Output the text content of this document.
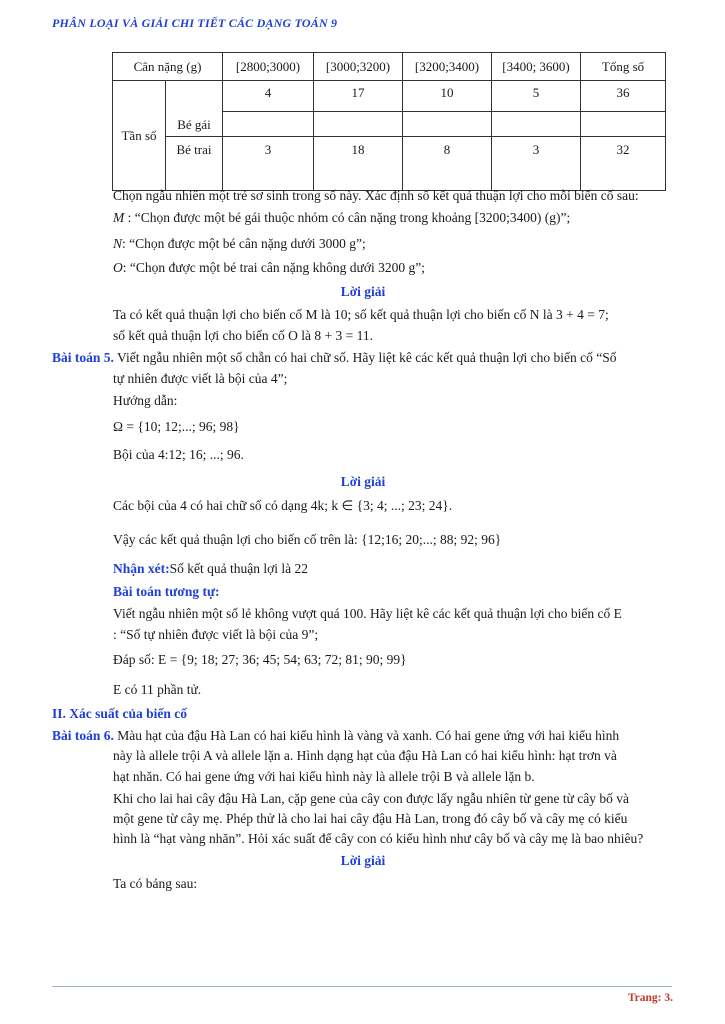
PHÂN LOẠI VÀ GIẢI CHI TIẾT CÁC DẠNG TOÁN 9
Cân nặng (g)		[2800;3000)	[3000;3200)	[3200;3400)	[3400; 3600)	Tổng số
Tần số	Bé gái	4	17	10	5	36

	Bé trai	3	18	8	3	32
Chọn ngẫu nhiên một trẻ sơ sinh trong số này. Xác định số kết quả thuận lợi cho mỗi biến cố sau:
M : “Chọn được một bé gái thuộc nhóm có cân nặng trong khoảng [3200;3400) (g)”;
N: “Chọn được một bé cân nặng dưới 3000 g”;
O: “Chọn được một bé trai cân nặng không dưới 3200 g”;
Lời giải
Ta có kết quả thuận lợi cho biến cố M là 10; số kết quả thuận lợi cho biến cố N là 3 + 4 = 7;
số kết quả thuận lợi cho biến cố O là 8 + 3 = 11.
Bài toán 5. Viết ngẫu nhiên một số chẵn có hai chữ số. Hãy liệt kê các kết quả thuận lợi cho biến cố “Số
tự nhiên được viết là bội của 4”;
Hướng dẫn:
Ω = {10; 12;...; 96; 98}
Bội của 4:12; 16; ...; 96.
Lời giải
Các bội của 4 có hai chữ số có dạng 4k; k ∈ {3; 4; ...; 23; 24}.
Vậy các kết quả thuận lợi cho biến cố trên là: {12;16; 20;...; 88; 92; 96}
Nhận xét:Số kết quả thuận lợi là 22
Bài toán tương tự:
Viết ngẫu nhiên một số lẻ không vượt quá 100. Hãy liệt kê các kết quả thuận lợi cho biến cố E
: “Số tự nhiên được viết là bội của 9”;
Đáp số: E = {9; 18; 27; 36; 45; 54; 63; 72; 81; 90; 99}
E có 11 phần tử.
II. Xác suất của biến cố
Bài toán 6. Màu hạt của đậu Hà Lan có hai kiểu hình là vàng và xanh. Có hai gene ứng với hai kiểu hình
này là allele trội A và allele lặn a. Hình dạng hạt của đậu Hà Lan có hai kiểu hình: hạt trơn và
hạt nhăn. Có hai gene ứng với hai kiểu hình này là allele trội B và allele lặn b.
Khi cho lai hai cây đậu Hà Lan, cặp gene của cây con được lấy ngẫu nhiên từ gene từ cây bố và
một gene từ cây mẹ. Phép thử là cho lai hai cây đậu Hà Lan, trong đó cây bố và cây mẹ có kiểu
hình là “hạt vàng nhăn”. Hỏi xác suất để cây con có kiểu hình như cây bố và cây mẹ là bao nhiêu?
Lời giải
Ta có bảng sau:
Trang: 3.
